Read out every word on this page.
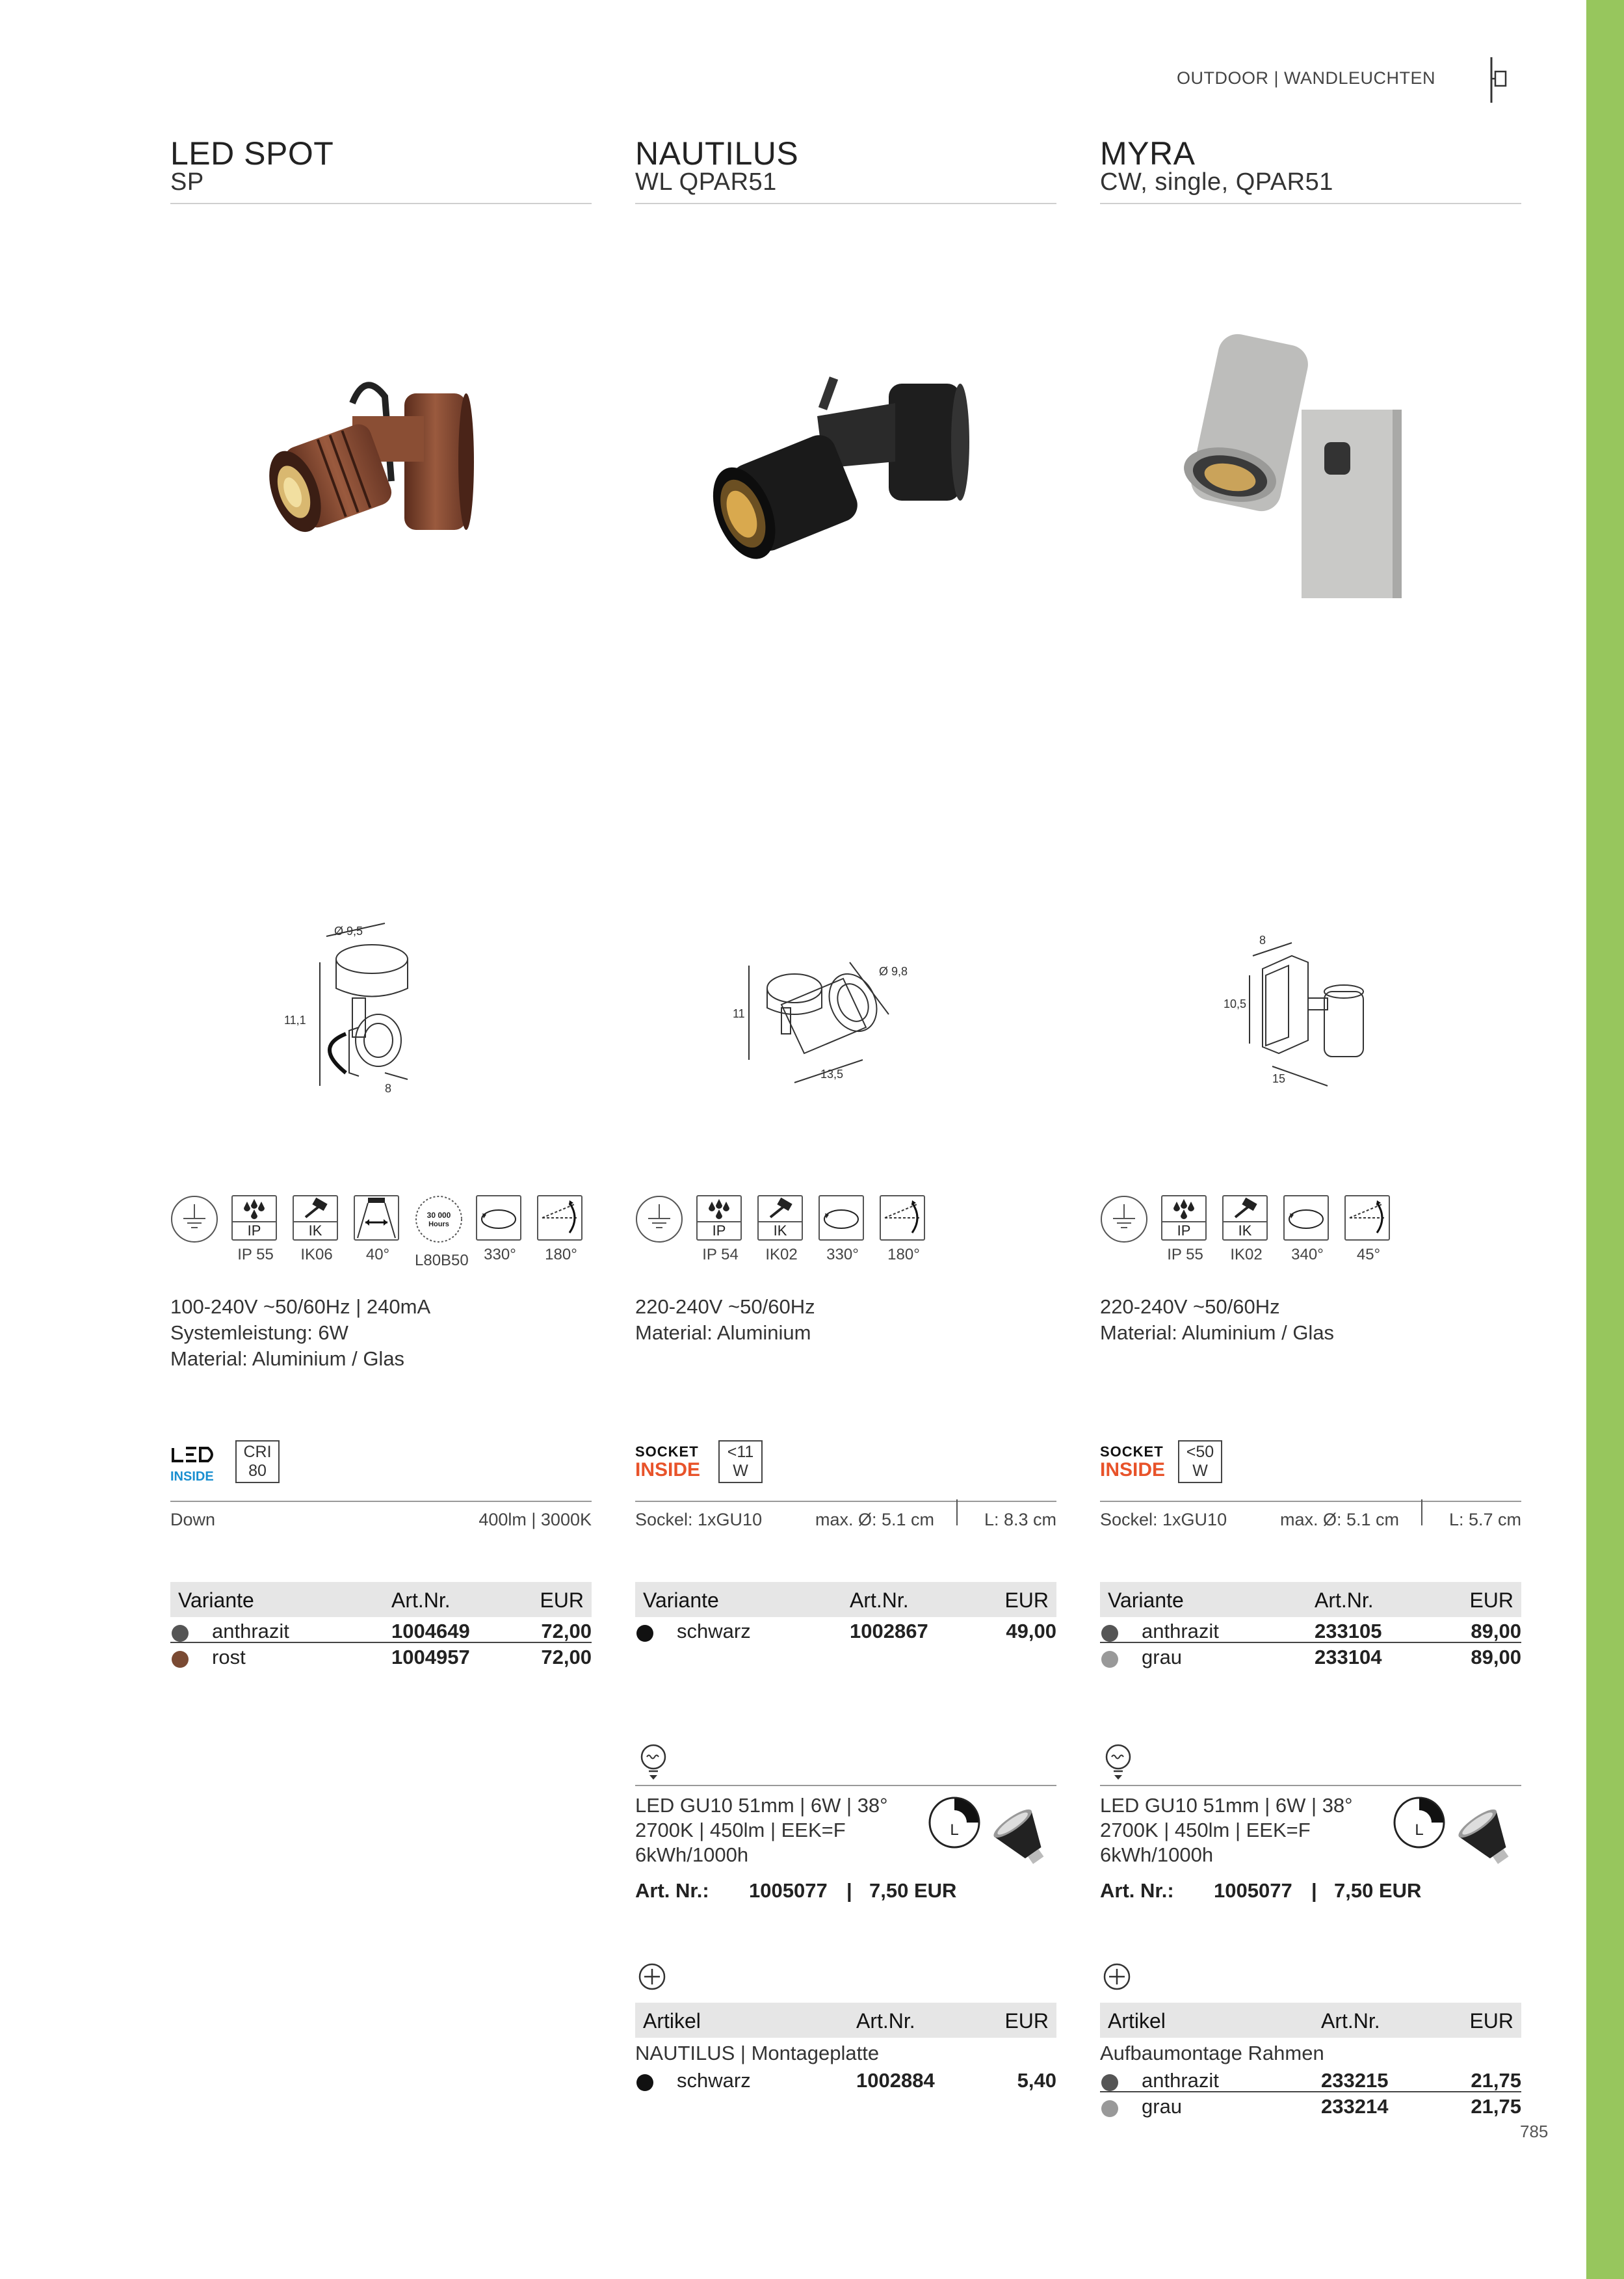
OUTDOOR | WANDLEUCHTEN
785
LED SPOT
SP
Ø 9,5
11,1
8
IP
IP 55
IK
IK06	40°
30 000
Hours
L80B50 330°	180°
100-240V ~50/60Hz | 240mA
Systemleistung: 6W
Material: Aluminium / Glas
INSIDE
CRI
80
Down	400lm | 3000K
Variante	Art.Nr.	EUR
anthrazit	1004649	72,00
rost	1004957	72,00
NAUTILUS
WL QPAR51
Ø 9,8
11
13,5
IP
IP 54
IK
IK02	330°	180°
220-240V ~50/60Hz
Material: Aluminium
SOCKET
INSIDE
<11
W
Sockel: 1xGU10	max. Ø: 5.1 cm	L: 8.3 cm
Variante	Art.Nr.	EUR
schwarz	1002867	49,00
LED GU10 51mm | 6W | 38°
2700K | 450lm | EEK=F
6kWh/1000h
L
Art. Nr.: 1005077 | 7,50 EUR
Artikel	Art.Nr.	EUR
NAUTILUS | Montageplatte
schwarz	1002884	5,40
MYRA
CW, single, QPAR51
8
10,5
15
IP
IP 55
IK
IK02	340°	45°
220-240V ~50/60Hz
Material: Aluminium / Glas
SOCKET
INSIDE
<50
W
Sockel: 1xGU10	max. Ø: 5.1 cm	L: 5.7 cm
Variante	Art.Nr.	EUR
anthrazit	233105	89,00
grau	233104	89,00
LED GU10 51mm | 6W | 38°
2700K | 450lm | EEK=F
6kWh/1000h
L
Art. Nr.: 1005077 | 7,50 EUR
Artikel	Art.Nr.	EUR
Aufbaumontage Rahmen
anthrazit	233215	21,75
grau	233214	21,75
